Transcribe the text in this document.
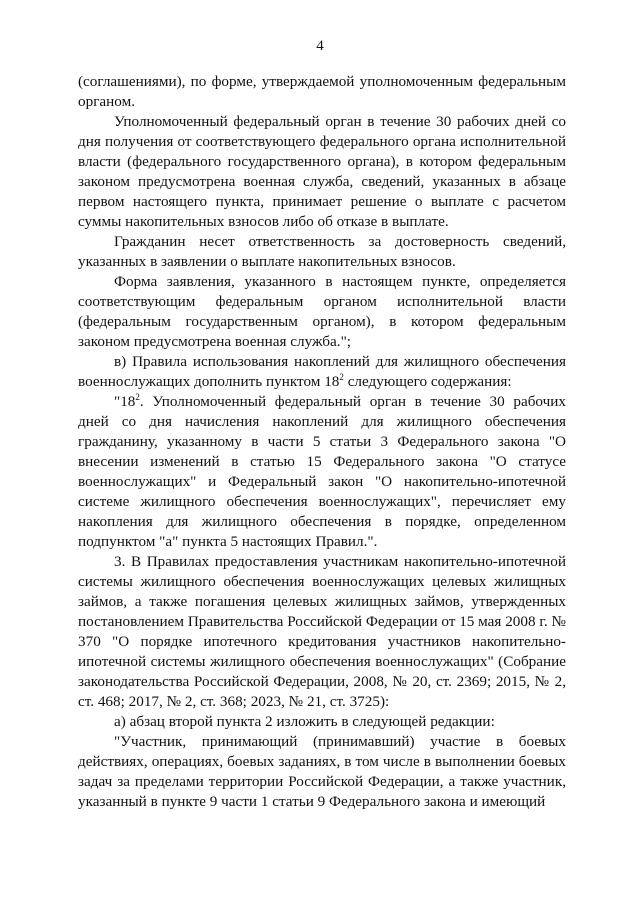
4

(соглашениями), по форме, утверждаемой уполномоченным федеральным органом.

Уполномоченный федеральный орган в течение 30 рабочих дней со дня получения от соответствующего федерального органа исполнительной власти (федерального государственного органа), в котором федеральным законом предусмотрена военная служба, сведений, указанных в абзаце первом настоящего пункта, принимает решение о выплате с расчетом суммы накопительных взносов либо об отказе в выплате.

Гражданин несет ответственность за достоверность сведений, указанных в заявлении о выплате накопительных взносов.

Форма заявления, указанного в настоящем пункте, определяется соответствующим федеральным органом исполнительной власти (федеральным государственным органом), в котором федеральным законом предусмотрена военная служба.";

в) Правила использования накоплений для жилищного обеспечения военнослужащих дополнить пунктом $18^2$ следующего содержания:

"$18^2$. Уполномоченный федеральный орган в течение 30 рабочих дней со дня начисления накоплений для жилищного обеспечения гражданину, указанному в части 5 статьи 3 Федерального закона "О внесении изменений в статью 15 Федерального закона "О статусе военнослужащих" и Федеральный закон "О накопительно-ипотечной системе жилищного обеспечения военнослужащих", перечисляет ему накопления для жилищного обеспечения в порядке, определенном подпунктом "а" пункта 5 настоящих Правил.".

3. В Правилах предоставления участникам накопительно-ипотечной системы жилищного обеспечения военнослужащих целевых жилищных займов, а также погашения целевых жилищных займов, утвержденных постановлением Правительства Российской Федерации от 15 мая 2008 г. № 370 "О порядке ипотечного кредитования участников накопительно-ипотечной системы жилищного обеспечения военнослужащих" (Собрание законодательства Российской Федерации, 2008, № 20, ст. 2369; 2015, № 2, ст. 468; 2017, № 2, ст. 368; 2023, № 21, ст. 3725):

а) абзац второй пункта 2 изложить в следующей редакции:

"Участник, принимающий (принимавший) участие в боевых действиях, операциях, боевых заданиях, в том числе в выполнении боевых задач за пределами территории Российской Федерации, а также участник, указанный в пункте 9 части 1 статьи 9 Федерального закона и имеющий
